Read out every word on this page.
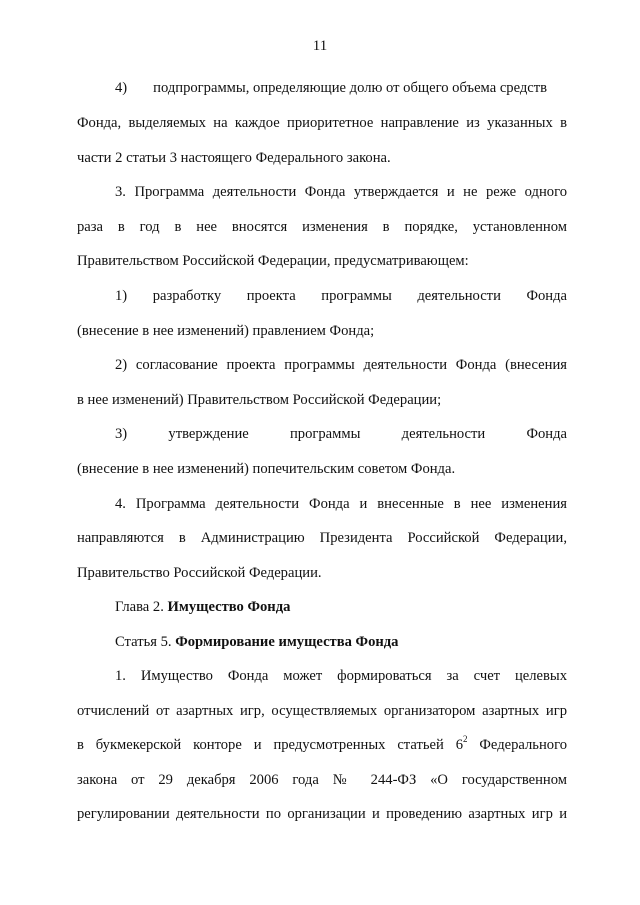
11
4) подпрограммы, определяющие долю от общего объема средств
Фонда, выделяемых на каждое приоритетное направление из указанных в
части 2 статьи 3 настоящего Федерального закона.
3. Программа деятельности Фонда утверждается и не реже одного
раза в год в нее вносятся изменения в порядке, установленном
Правительством Российской Федерации, предусматривающем:
1) разработку проекта программы деятельности Фонда
(внесение в нее изменений) правлением Фонда;
2) согласование проекта программы деятельности Фонда (внесения
в нее изменений) Правительством Российской Федерации;
3) утверждение программы деятельности Фонда
(внесение в нее изменений) попечительским советом Фонда.
4. Программа деятельности Фонда и внесенные в нее изменения
направляются в Администрацию Президента Российской Федерации,
Правительство Российской Федерации.
Глава 2. Имущество Фонда
Статья 5. Формирование имущества Фонда
1. Имущество Фонда может формироваться за счет целевых
отчислений от азартных игр, осуществляемых организатором азартных игр
в букмекерской конторе и предусмотренных статьей $6^2$ Федерального
закона от 29 декабря 2006 года № 244-ФЗ «О государственном
регулировании деятельности по организации и проведению азартных игр и
